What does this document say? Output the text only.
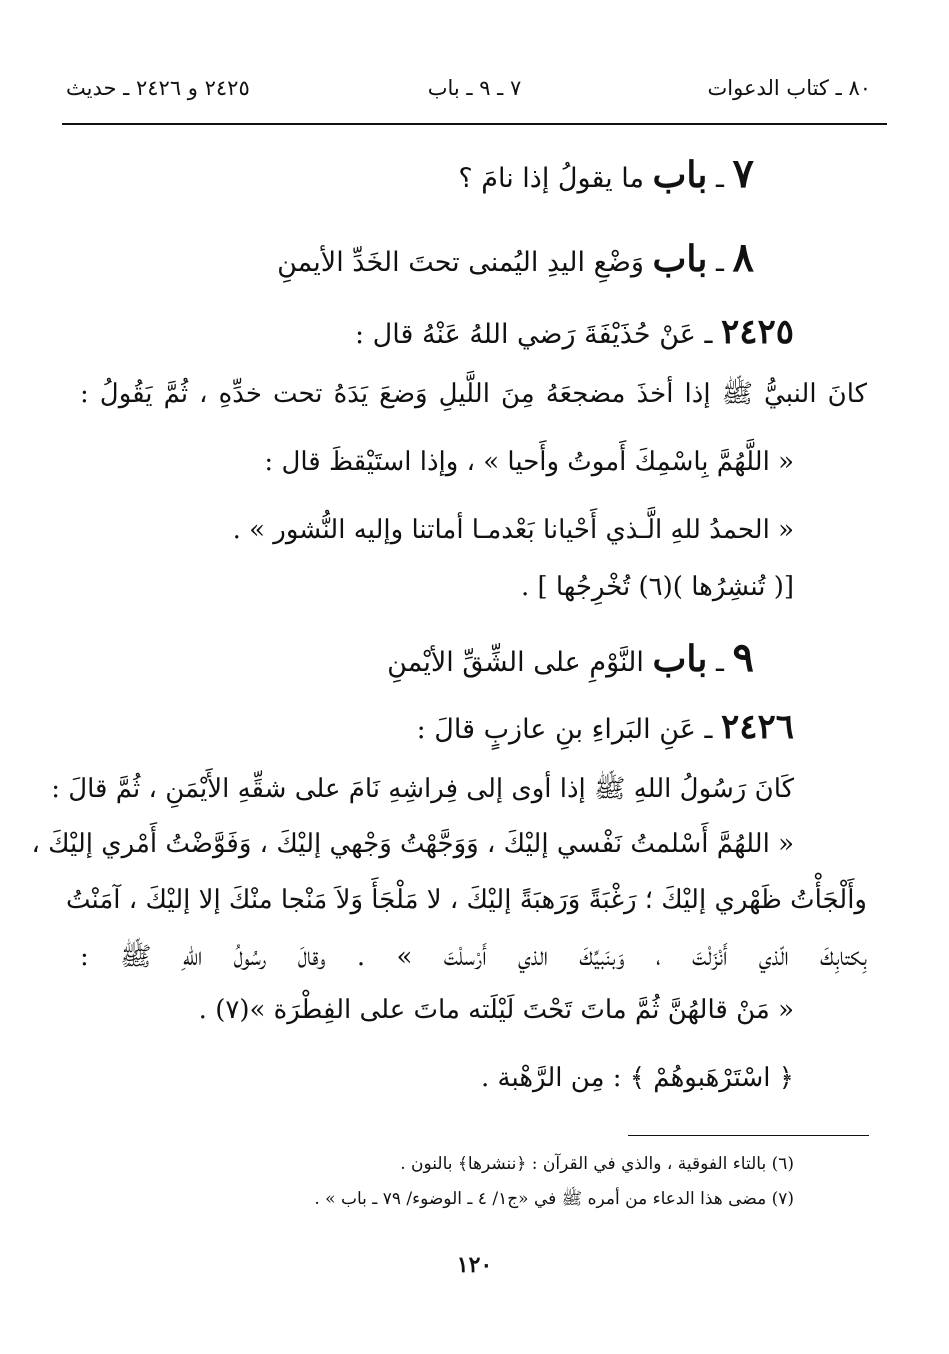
٨٠ ـ كتاب الدعوات
٧ ـ ٩ ـ باب
٢٤٢٥ و ٢٤٢٦ ـ حديث
٧ ـ باب ما يقولُ إذا نامَ ؟
٨ ـ باب وَضْعِ اليدِ اليُمنى تحتَ الخَدِّ الأيمنِ
٢٤٢٥ ـ عَنْ حُذَيْفَةَ رَضي اللهُ عَنْهُ قال :
كانَ النبيُّ ﷺ إذا أخذَ مضجعَهُ مِنَ اللَّيلِ وَضعَ يَدَهُ تحت خدِّهِ ، ثُمَّ يَقُولُ :
« اللَّهُمَّ بِاسْمِكَ أَموتُ وأَحيا » ، وإذا استَيْقظَ قال :
« الحمدُ للهِ الَّـذي أَحْيانا بَعْدمـا أماتنا وإليه النُّشور » .
[( تُنشِرُها )(٦) تُخْرِجُها ] .
٩ ـ باب النَّوْمِ على الشِّقِّ الأيْمنِ
٢٤٢٦ ـ عَنِ البَراءِ بنِ عازبٍ قالَ :
كَانَ رَسُولُ اللهِ ﷺ إذا أوى إلى فِراشِهِ نَامَ على شقِّهِ الأَيْمَنِ ، ثُمَّ قالَ :
« اللهُمَّ أَسْلمتُ نَفْسي إليْكَ ، وَوَجَّهْتُ وَجْهي إليْكَ ، وَفَوَّضْتُ أَمْري إليْكَ ،
وأَلْجَأْتُ ظَهْري إليْكَ ؛ رَغْبَةً وَرَهبَةً إليْكَ ، لا مَلْجَأَ وَلاَ مَنْجا منْكَ إلا إليْكَ ، آمَنْتُ
بِكتابِكَ الّذي أَنْزَلْتَ ، وَبنَبيِّكَ الذي أَرْسلْتَ » . وقالَ رسُولُ اللهِ ﷺ :
« مَنْ قالهُنَّ ثُمَّ ماتَ تَحْتَ لَيْلَته ماتَ على الفِطْرَة »(٧) .
﴿ اسْتَرْهَبوهُمْ ﴾ : مِن الرَّهْبة .
(٦) بالتاء الفوقية ، والذي في القرآن : ﴿ننشرها﴾ بالنون .
(٧) مضى هذا الدعاء من أمره ﷺ في «ج١/ ٤ ـ الوضوء/ ٧٩ ـ باب » .
١٢٠
